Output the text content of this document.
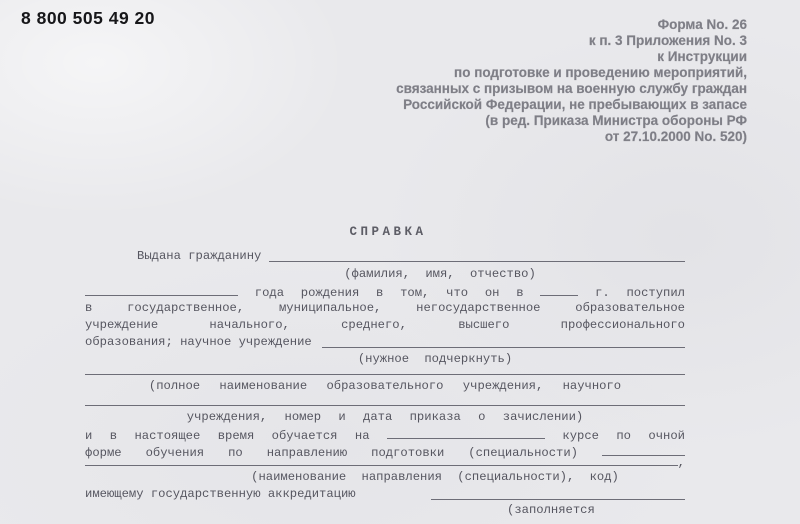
8 800 505 49 20	Форма No. 26
к п. 3 Приложения No. 3
к Инструкции
по подготовке и проведению мероприятий,
связанных с призывом на военную службу граждан
Российской Федерации, не пребывающих в запасе
(в ред. Приказа Министра обороны РФ
от 27.10.2000 No. 520)
СПРАВКА
Выдана гражданину
(фамилия, имя, отчество)
года рождения в том, что он в	г. поступил
в государственное, муниципальное, негосударственное образовательное
учреждение начального, среднего, высшего профессионального
образования; научное учреждение
(нужное подчеркнуть)
(полное наименование образовательного учреждения, научного
учреждения, номер и дата приказа о зачислении)
и в настоящее время обучается на	курсе по очной
форме обучения по направлению подготовки (специальности)
,
(наименование направления (специальности), код)
имеющему государственную аккредитацию
(заполняется
